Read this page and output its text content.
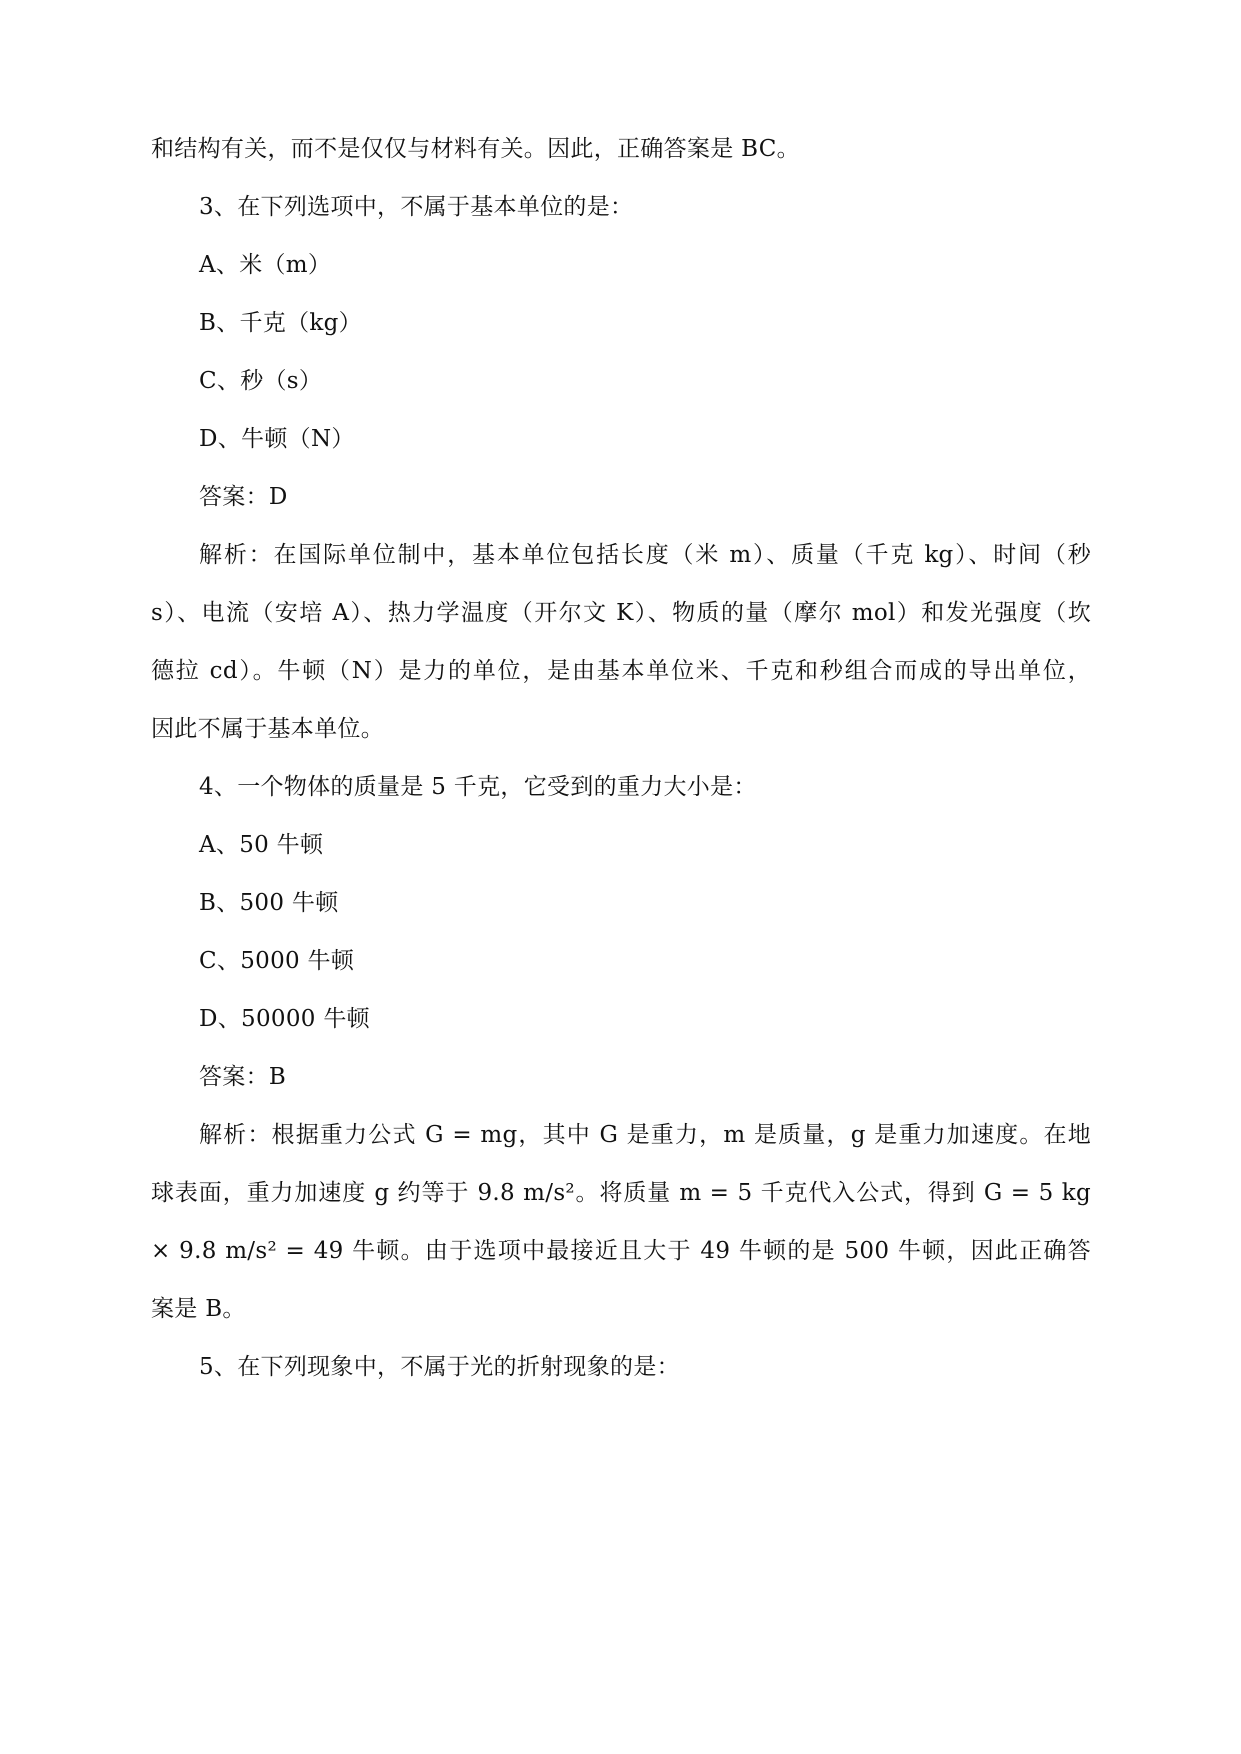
和结构有关，而不是仅仅与材料有关。因此，正确答案是 BC。
3、在下列选项中，不属于基本单位的是：
A、米（m）
B、千克（kg）
C、秒（s）
D、牛顿（N）
答案：D
解析：在国际单位制中，基本单位包括长度（米 m）、质量（千克 kg）、时间（秒
s）、电流（安培 A）、热力学温度（开尔文 K）、物质的量（摩尔 mol）和发光强度（坎
德拉 cd）。牛顿（N）是力的单位，是由基本单位米、千克和秒组合而成的导出单位，
因此不属于基本单位。
4、一个物体的质量是 5 千克，它受到的重力大小是：
A、50 牛顿
B、500 牛顿
C、5000 牛顿
D、50000 牛顿
答案：B
解析：根据重力公式 G = mg，其中 G 是重力，m 是质量，g 是重力加速度。在地
球表面，重力加速度 g 约等于 9.8 m/s²。将质量 m = 5 千克代入公式，得到 G = 5 kg
× 9.8 m/s² = 49 牛顿。由于选项中最接近且大于 49 牛顿的是 500 牛顿，因此正确答
案是 B。
5、在下列现象中，不属于光的折射现象的是：
